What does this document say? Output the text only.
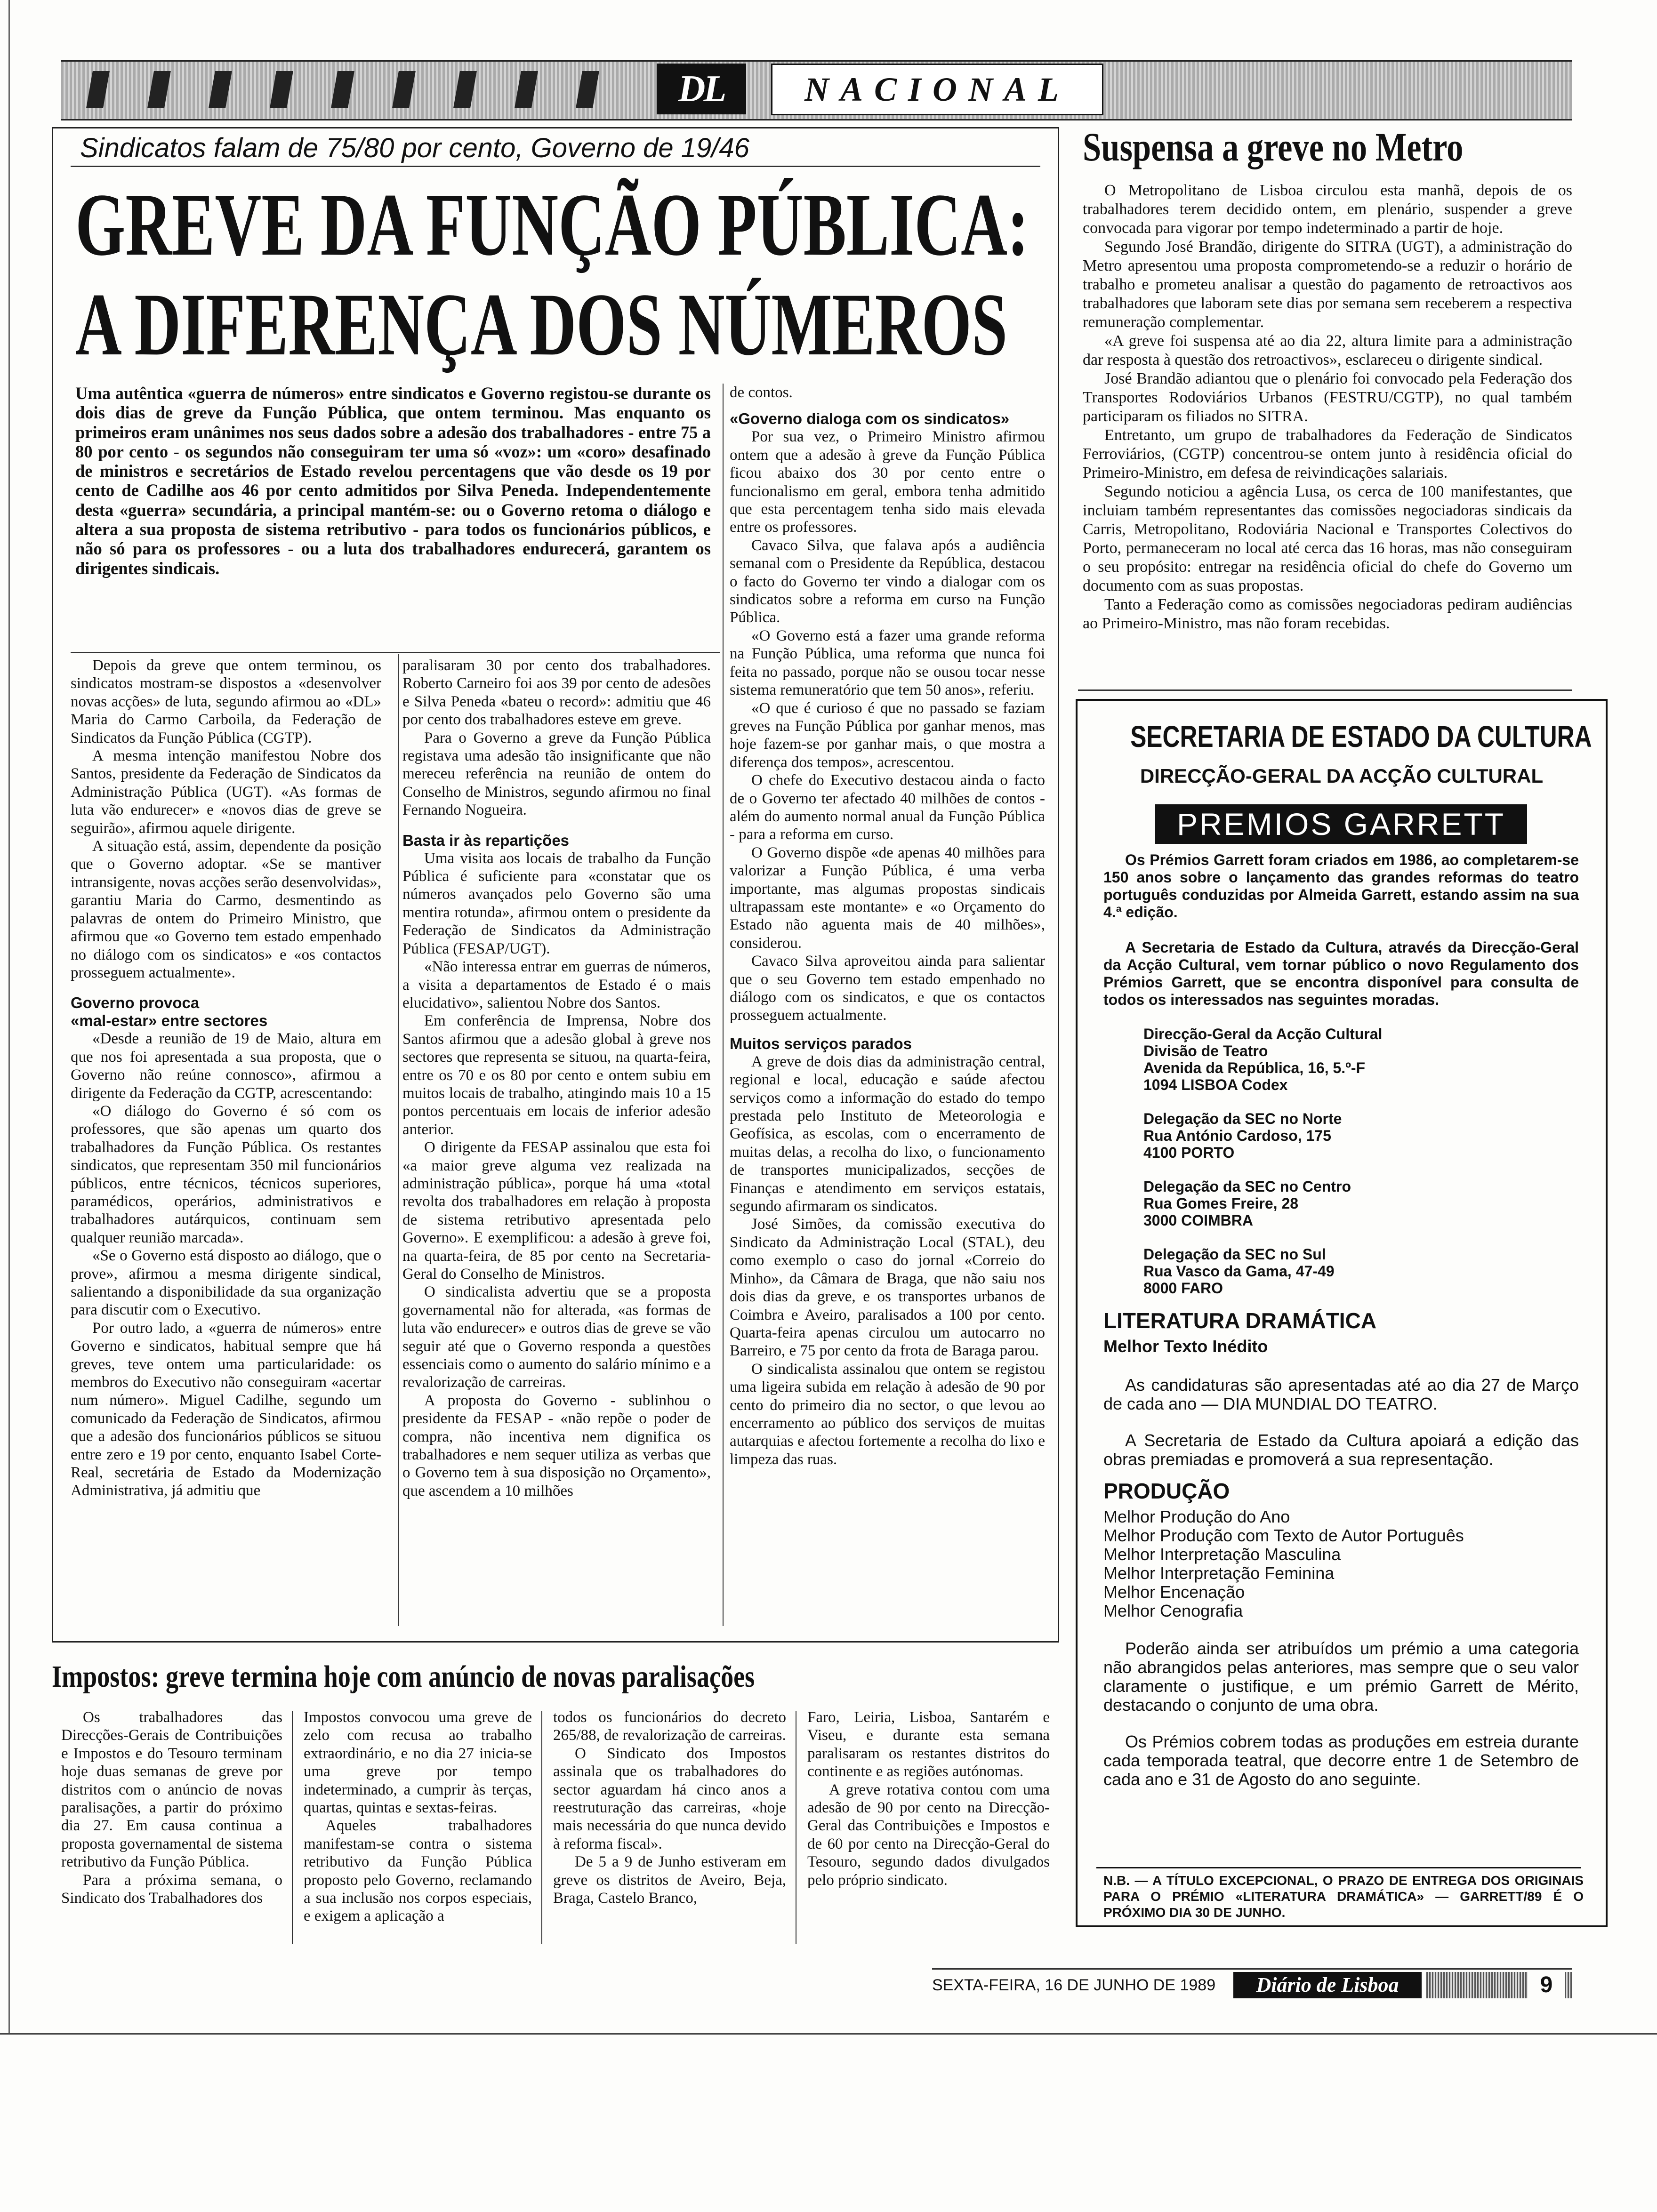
DL	NACIONAL
Sindicatos falam de 75/80 por cento, Governo de 19/46
GREVE DA FUNÇÃO PÚBLICA:
A DIFERENÇA DOS NÚMEROS

Uma autêntica «guerra de números» entre sindicatos e Governo registou-se durante os dois dias de greve da Função Pública, que ontem terminou. Mas enquanto os primeiros eram unânimes nos seus dados sobre a adesão dos trabalhadores - entre 75 a 80 por cento - os segundos não conseguiram ter uma só «voz»: um «coro» desafinado de ministros e secretários de Estado revelou percentagens que vão desde os 19 por cento de Cadilhe aos 46 por cento admitidos por Silva Peneda. Independentemente desta «guerra» secundária, a principal mantém-se: ou o Governo retoma o diálogo e altera a sua proposta de sistema retributivo - para todos os funcionários públicos, e não só para os professores - ou a luta dos trabalhadores endurecerá, garantem os dirigentes sindicais.

Depois da greve que ontem terminou, os sindicatos mostram-se dispostos a «desenvolver novas acções» de luta, segundo afirmou ao «DL» Maria do Carmo Carboila, da Federação de Sindicatos da Função Pública (CGTP).

A mesma intenção manifestou Nobre dos Santos, presidente da Federação de Sindicatos da Administração Pública (UGT). «As formas de luta vão endurecer» e «novos dias de greve se seguirão», afirmou aquele dirigente.

A situação está, assim, dependente da posição que o Governo adoptar. «Se se mantiver intransigente, novas acções serão desenvolvidas», garantiu Maria do Carmo, desmentindo as palavras de ontem do Primeiro Ministro, que afirmou que «o Governo tem estado empenhado no diálogo com os sindicatos» e «os contactos prosseguem actualmente».

Governo provoca
«mal-estar» entre sectores

«Desde a reunião de 19 de Maio, altura em que nos foi apresentada a sua proposta, que o Governo não reúne connosco», afirmou a dirigente da Federação da CGTP, acrescentando:

«O diálogo do Governo é só com os professores, que são apenas um quarto dos trabalhadores da Função Pública. Os restantes sindicatos, que representam 350 mil funcionários públicos, entre técnicos, técnicos superiores, paramédicos, operários, administrativos e trabalhadores autárquicos, continuam sem qualquer reunião marcada».

«Se o Governo está disposto ao diálogo, que o prove», afirmou a mesma dirigente sindical, salientando a disponibilidade da sua organização para discutir com o Executivo.

Por outro lado, a «guerra de números» entre Governo e sindicatos, habitual sempre que há greves, teve ontem uma particularidade: os membros do Executivo não conseguiram «acertar num número». Miguel Cadilhe, segundo um comunicado da Federação de Sindicatos, afirmou que a adesão dos funcionários públicos se situou entre zero e 19 por cento, enquanto Isabel Corte-Real, secretária de Estado da Modernização Administrativa, já admitiu que

paralisaram 30 por cento dos trabalhadores. Roberto Carneiro foi aos 39 por cento de adesões e Silva Peneda «bateu o record»: admitiu que 46 por cento dos trabalhadores esteve em greve.

Para o Governo a greve da Função Pública registava uma adesão tão insignificante que não mereceu referência na reunião de ontem do Conselho de Ministros, segundo afirmou no final Fernando Nogueira.

Basta ir às repartições

Uma visita aos locais de trabalho da Função Pública é suficiente para «constatar que os números avançados pelo Governo são uma mentira rotunda», afirmou ontem o presidente da Federação de Sindicatos da Administração Pública (FESAP/UGT).

«Não interessa entrar em guerras de números, a visita a departamentos de Estado é o mais elucidativo», salientou Nobre dos Santos.

Em conferência de Imprensa, Nobre dos Santos afirmou que a adesão global à greve nos sectores que representa se situou, na quarta-feira, entre os 70 e os 80 por cento e ontem subiu em muitos locais de trabalho, atingindo mais 10 a 15 pontos percentuais em locais de inferior adesão anterior.

O dirigente da FESAP assinalou que esta foi «a maior greve alguma vez realizada na administração pública», porque há uma «total revolta dos trabalhadores em relação à proposta de sistema retributivo apresentada pelo Governo». E exemplificou: a adesão à greve foi, na quarta-feira, de 85 por cento na Secretaria-Geral do Conselho de Ministros.

O sindicalista advertiu que se a proposta governamental não for alterada, «as formas de luta vão endurecer» e outros dias de greve se vão seguir até que o Governo responda a questões essenciais como o aumento do salário mínimo e a revalorização de carreiras.

A proposta do Governo - sublinhou o presidente da FESAP - «não repõe o poder de compra, não incentiva nem dignifica os trabalhadores e nem sequer utiliza as verbas que o Governo tem à sua disposição no Orçamento», que ascendem a 10 milhões

de contos.

«Governo dialoga com os sindicatos»

Por sua vez, o Primeiro Ministro afirmou ontem que a adesão à greve da Função Pública ficou abaixo dos 30 por cento entre o funcionalismo em geral, embora tenha admitido que esta percentagem tenha sido mais elevada entre os professores.

Cavaco Silva, que falava após a audiência semanal com o Presidente da República, destacou o facto do Governo ter vindo a dialogar com os sindicatos sobre a reforma em curso na Função Pública.

«O Governo está a fazer uma grande reforma na Função Pública, uma reforma que nunca foi feita no passado, porque não se ousou tocar nesse sistema remuneratório que tem 50 anos», referiu.

«O que é curioso é que no passado se faziam greves na Função Pública por ganhar menos, mas hoje fazem-se por ganhar mais, o que mostra a diferença dos tempos», acrescentou.

O chefe do Executivo destacou ainda o facto de o Governo ter afectado 40 milhões de contos - além do aumento normal anual da Função Pública - para a reforma em curso.

O Governo dispõe «de apenas 40 milhões para valorizar a Função Pública, é uma verba importante, mas algumas propostas sindicais ultrapassam este montante» e «o Orçamento do Estado não aguenta mais de 40 milhões», considerou.

Cavaco Silva aproveitou ainda para salientar que o seu Governo tem estado empenhado no diálogo com os sindicatos, e que os contactos prosseguem actualmente.

Muitos serviços parados

A greve de dois dias da administração central, regional e local, educação e saúde afectou serviços como a informação do estado do tempo prestada pelo Instituto de Meteorologia e Geofísica, as escolas, com o encerramento de muitas delas, a recolha do lixo, o funcionamento de transportes municipalizados, secções de Finanças e atendimento em serviços estatais, segundo afirmaram os sindicatos.

José Simões, da comissão executiva do Sindicato da Administração Local (STAL), deu como exemplo o caso do jornal «Correio do Minho», da Câmara de Braga, que não saiu nos dois dias da greve, e os transportes urbanos de Coimbra e Aveiro, paralisados a 100 por cento. Quarta-feira apenas circulou um autocarro no Barreiro, e 75 por cento da frota de Baraga parou.

O sindicalista assinalou que ontem se registou uma ligeira subida em relação à adesão de 90 por cento do primeiro dia no sector, o que levou ao encerramento ao público dos serviços de muitas autarquias e afectou fortemente a recolha do lixo e limpeza das ruas.

Suspensa a greve no Metro

O Metropolitano de Lisboa circulou esta manhã, depois de os trabalhadores terem decidido ontem, em plenário, suspender a greve convocada para vigorar por tempo indeterminado a partir de hoje.

Segundo José Brandão, dirigente do SITRA (UGT), a administração do Metro apresentou uma proposta comprometendo-se a reduzir o horário de trabalho e prometeu analisar a questão do pagamento de retroactivos aos trabalhadores que laboram sete dias por semana sem receberem a respectiva remuneração complementar.

«A greve foi suspensa até ao dia 22, altura limite para a administração dar resposta à questão dos retroactivos», esclareceu o dirigente sindical.

José Brandão adiantou que o plenário foi convocado pela Federação dos Transportes Rodoviários Urbanos (FESTRU/CGTP), no qual também participaram os filiados no SITRA.

Entretanto, um grupo de trabalhadores da Federação de Sindicatos Ferroviários, (CGTP) concentrou-se ontem junto à residência oficial do Primeiro-Ministro, em defesa de reivindicações salariais.

Segundo noticiou a agência Lusa, os cerca de 100 manifestantes, que incluiam também representantes das comissões negociadoras sindicais da Carris, Metropolitano, Rodoviária Nacional e Transportes Colectivos do Porto, permaneceram no local até cerca das 16 horas, mas não conseguiram o seu propósito: entregar na residência oficial do chefe do Governo um documento com as suas propostas.

Tanto a Federação como as comissões negociadoras pediram audiências ao Primeiro-Ministro, mas não foram recebidas.

SECRETARIA DE ESTADO DA CULTURA
DIRECÇÃO-GERAL DA ACÇÃO CULTURAL
PREMIOS GARRETT

Os Prémios Garrett foram criados em 1986, ao completarem-se 150 anos sobre o lançamento das grandes reformas do teatro português conduzidas por Almeida Garrett, estando assim na sua 4.ª edição.

A Secretaria de Estado da Cultura, através da Direcção-Geral da Acção Cultural, vem tornar público o novo Regulamento dos Prémios Garrett, que se encontra disponível para consulta de todos os interessados nas seguintes moradas.

Direcção-Geral da Acção Cultural
Divisão de Teatro
Avenida da República, 16, 5.º-F
1094 LISBOA Codex
Delegação da SEC no Norte
Rua António Cardoso, 175
4100 PORTO
Delegação da SEC no Centro
Rua Gomes Freire, 28
3000 COIMBRA
Delegação da SEC no Sul
Rua Vasco da Gama, 47-49
8000 FARO
LITERATURA DRAMÁTICA
Melhor Texto Inédito

As candidaturas são apresentadas até ao dia 27 de Março de cada ano — DIA MUNDIAL DO TEATRO.

A Secretaria de Estado da Cultura apoiará a edição das obras premiadas e promoverá a sua representação.

PRODUÇÃO
Melhor Produção do Ano
Melhor Produção com Texto de Autor Português
Melhor Interpretação Masculina
Melhor Interpretação Feminina
Melhor Encenação
Melhor Cenografia

Poderão ainda ser atribuídos um prémio a uma categoria não abrangidos pelas anteriores, mas sempre que o seu valor claramente o justifique, e um prémio Garrett de Mérito, destacando o conjunto de uma obra.

Os Prémios cobrem todas as produções em estreia durante cada temporada teatral, que decorre entre 1 de Setembro de cada ano e 31 de Agosto do ano seguinte.

N.B. — A TÍTULO EXCEPCIONAL, O PRAZO DE ENTREGA DOS ORIGINAIS PARA O PRÉMIO «LITERATURA DRAMÁTICA» — GARRETT/89 É O PRÓXIMO DIA 30 DE JUNHO.
Impostos: greve termina hoje com anúncio de novas paralisações

Os trabalhadores das Direcções-Gerais de Contribuições e Impostos e do Tesouro terminam hoje duas semanas de greve por distritos com o anúncio de novas paralisações, a partir do próximo dia 27. Em causa continua a proposta governamental de sistema retributivo da Função Pública.

Para a próxima semana, o Sindicato dos Trabalhadores dos

Impostos convocou uma greve de zelo com recusa ao trabalho extraordinário, e no dia 27 inicia-se uma greve por tempo indeterminado, a cumprir às terças, quartas, quintas e sextas-feiras.

Aqueles trabalhadores manifestam-se contra o sistema retributivo da Função Pública proposto pelo Governo, reclamando a sua inclusão nos corpos especiais, e exigem a aplicação a

todos os funcionários do decreto 265/88, de revalorização de carreiras.

O Sindicato dos Impostos assinala que os trabalhadores do sector aguardam há cinco anos a reestruturação das carreiras, «hoje mais necessária do que nunca devido à reforma fiscal».

De 5 a 9 de Junho estiveram em greve os distritos de Aveiro, Beja, Braga, Castelo Branco,

Faro, Leiria, Lisboa, Santarém e Viseu, e durante esta semana paralisaram os restantes distritos do continente e as regiões autónomas.

A greve rotativa contou com uma adesão de 90 por cento na Direcção-Geral das Contribuições e Impostos e de 60 por cento na Direcção-Geral do Tesouro, segundo dados divulgados pelo próprio sindicato.

SEXTA-FEIRA, 16 DE JUNHO DE 1989	Diário de Lisboa	9
